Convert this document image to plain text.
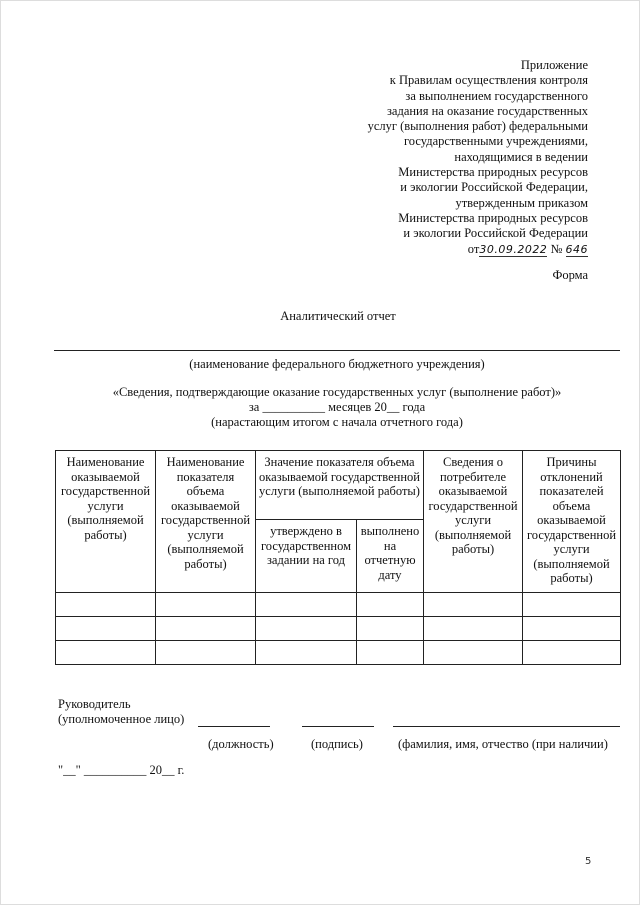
Приложение
к Правилам осуществления контроля
за выполнением государственного
задания на оказание государственных
услуг (выполнения работ) федеральными
государственными учреждениями,
находящимися в ведении
Министерства природных ресурсов
и экологии Российской Федерации,
утвержденным приказом
Министерства природных ресурсов
и экологии Российской Федерации
от30.09.2022 № 646
Форма
Аналитический отчет
(наименование федерального бюджетного учреждения)
«Сведения, подтверждающие оказание государственных услуг (выполнение работ)»
за __________ месяцев 20__ года
(нарастающим итогом с начала отчетного года)
Наименование оказываемой государственной услуги (выполняемой работы)	Наименование показателя объема оказываемой государственной услуги (выполняемой работы)	Значение показателя объема оказываемой государственной услуги (выполняемой работы)		Сведения о потребителе оказываемой государственной услуги (выполняемой работы)	Причины отклонений показателей объема оказываемой государственной услуги (выполняемой работы)
		утверждено в государственном задании на год	выполнено на отчетную дату		

Руководитель
(уполномоченное лицо)
(должность)	(подпись)	(фамилия, имя, отчество (при наличии)
"__" __________ 20__ г.
5
